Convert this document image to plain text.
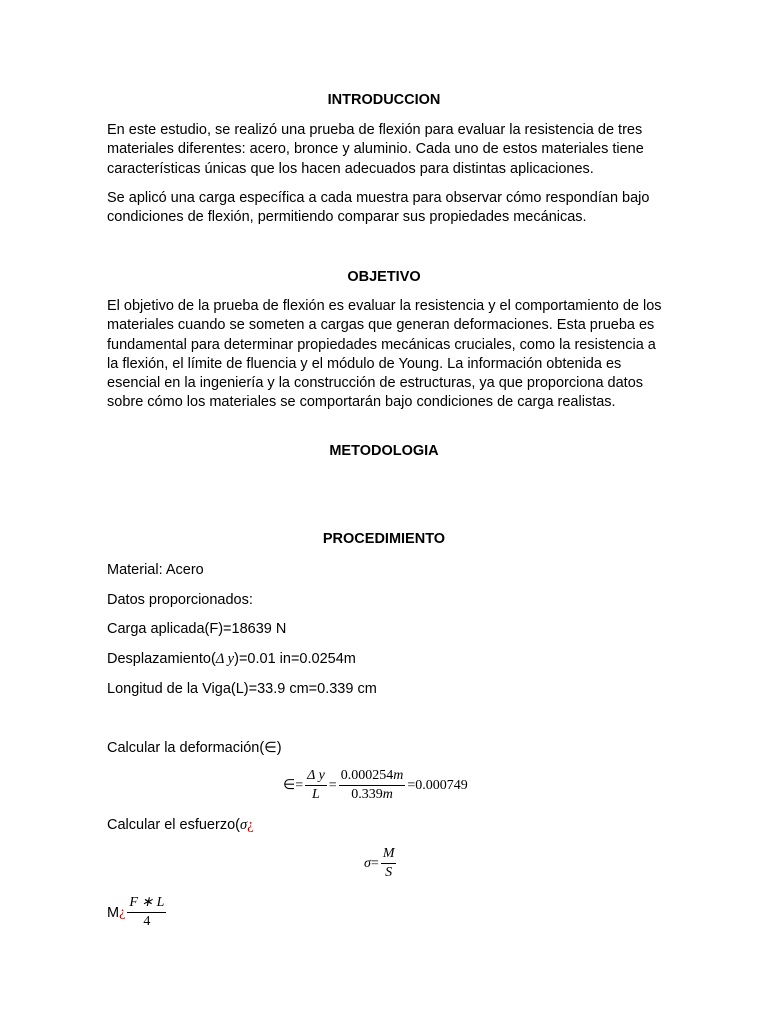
INTRODUCCION

En este estudio, se realizó una prueba de flexión para evaluar la resistencia de tres materiales diferentes: acero, bronce y aluminio. Cada uno de estos materiales tiene características únicas que los hacen adecuados para distintas aplicaciones.

Se aplicó una carga específica a cada muestra para observar cómo respondían bajo condiciones de flexión, permitiendo comparar sus propiedades mecánicas.

OBJETIVO

El objetivo de la prueba de flexión es evaluar la resistencia y el comportamiento de los materiales cuando se someten a cargas que generan deformaciones. Esta prueba es fundamental para determinar propiedades mecánicas cruciales, como la resistencia a la flexión, el límite de fluencia y el módulo de Young. La información obtenida es esencial en la ingeniería y la construcción de estructuras, ya que proporciona datos sobre cómo los materiales se comportarán bajo condiciones de carga realistas.

METODOLOGIA
PROCEDIMIENTO
Material: Acero
Datos proporcionados:
Carga aplicada(F)=18639 N
Desplazamiento(Δ y)=0.01 in=0.0254m
Longitud de la Viga(L)=33.9 cm=0.339 cm
Calcular la deformación(∈)
∈ = $\frac{\text{Δ y}}{L} = \frac{0.000254m}{0.339m} = 0.000749$
Calcular el esfuerzo(σ¿
$\sigma = \frac{M}{S}$
M ¿ $\frac{F ∗ L}{4}$
